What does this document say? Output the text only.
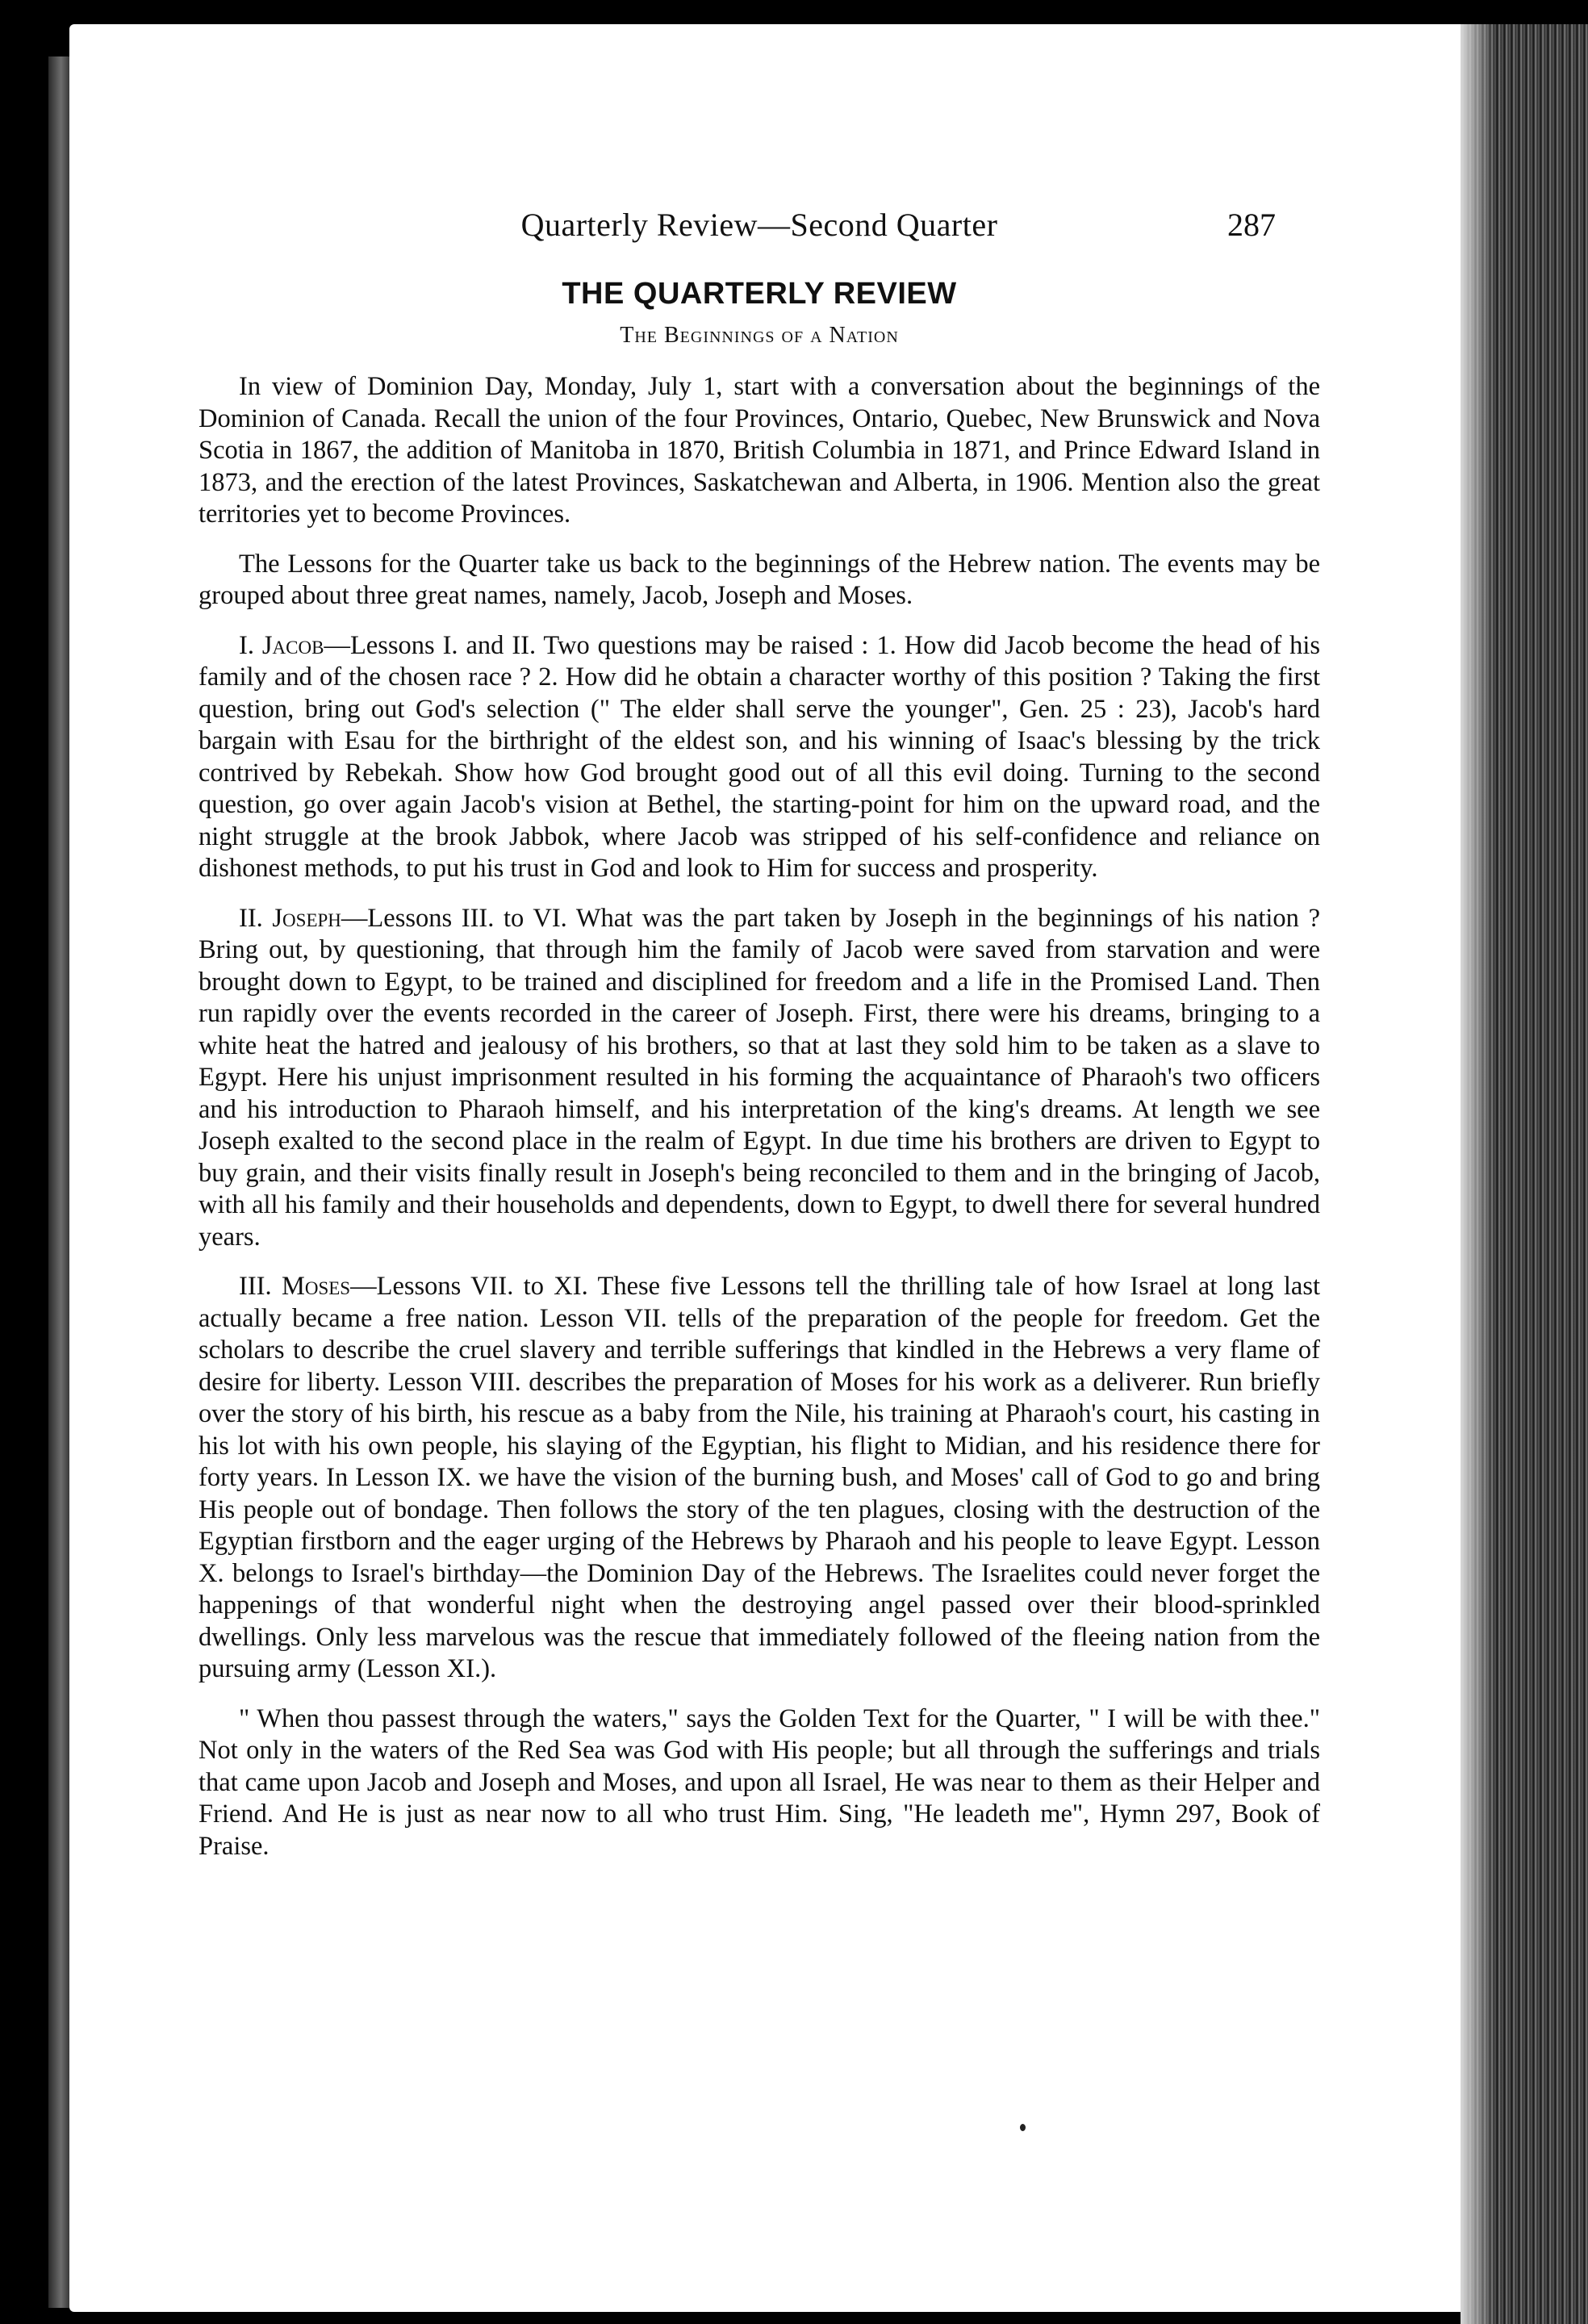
Quarterly Review—Second Quarter	287
THE QUARTERLY REVIEW
The Beginnings of a Nation

In view of Dominion Day, Monday, July 1, start with a conversation about the beginnings of the Dominion of Canada. Recall the union of the four Provinces, Ontario, Quebec, New Brunswick and Nova Scotia in 1867, the addition of Manitoba in 1870, British Columbia in 1871, and Prince Edward Island in 1873, and the erection of the latest Provinces, Saskatchewan and Alberta, in 1906. Mention also the great territories yet to become Provinces.

The Lessons for the Quarter take us back to the beginnings of the Hebrew nation. The events may be grouped about three great names, namely, Jacob, Joseph and Moses.

I. Jacob—Lessons I. and II. Two questions may be raised : 1. How did Jacob become the head of his family and of the chosen race ? 2. How did he obtain a character worthy of this position ? Taking the first question, bring out God's selection (" The elder shall serve the younger", Gen. 25 : 23), Jacob's hard bargain with Esau for the birthright of the eldest son, and his winning of Isaac's blessing by the trick contrived by Rebekah. Show how God brought good out of all this evil doing. Turning to the second question, go over again Jacob's vision at Bethel, the starting-point for him on the upward road, and the night struggle at the brook Jabbok, where Jacob was stripped of his self-confidence and reliance on dishonest methods, to put his trust in God and look to Him for success and prosperity.

II. Joseph—Lessons III. to VI. What was the part taken by Joseph in the beginnings of his nation ? Bring out, by questioning, that through him the family of Jacob were saved from starvation and were brought down to Egypt, to be trained and disciplined for freedom and a life in the Promised Land. Then run rapidly over the events recorded in the career of Joseph. First, there were his dreams, bringing to a white heat the hatred and jealousy of his brothers, so that at last they sold him to be taken as a slave to Egypt. Here his unjust imprisonment resulted in his forming the acquaintance of Pharaoh's two officers and his introduction to Pharaoh himself, and his interpretation of the king's dreams. At length we see Joseph exalted to the second place in the realm of Egypt. In due time his brothers are driven to Egypt to buy grain, and their visits finally result in Joseph's being reconciled to them and in the bringing of Jacob, with all his family and their households and dependents, down to Egypt, to dwell there for several hundred years.

III. Moses—Lessons VII. to XI. These five Lessons tell the thrilling tale of how Israel at long last actually became a free nation. Lesson VII. tells of the preparation of the people for freedom. Get the scholars to describe the cruel slavery and terrible sufferings that kindled in the Hebrews a very flame of desire for liberty. Lesson VIII. describes the preparation of Moses for his work as a deliverer. Run briefly over the story of his birth, his rescue as a baby from the Nile, his training at Pharaoh's court, his casting in his lot with his own people, his slaying of the Egyptian, his flight to Midian, and his residence there for forty years. In Lesson IX. we have the vision of the burning bush, and Moses' call of God to go and bring His people out of bondage. Then follows the story of the ten plagues, closing with the destruction of the Egyptian firstborn and the eager urging of the Hebrews by Pharaoh and his people to leave Egypt. Lesson X. belongs to Israel's birthday—the Dominion Day of the Hebrews. The Israelites could never forget the happenings of that wonderful night when the destroying angel passed over their blood-sprinkled dwellings. Only less marvelous was the rescue that immediately followed of the fleeing nation from the pursuing army (Lesson XI.).

" When thou passest through the waters," says the Golden Text for the Quarter, " I will be with thee." Not only in the waters of the Red Sea was God with His people; but all through the sufferings and trials that came upon Jacob and Joseph and Moses, and upon all Israel, He was near to them as their Helper and Friend. And He is just as near now to all who trust Him. Sing, "He leadeth me", Hymn 297, Book of Praise.
